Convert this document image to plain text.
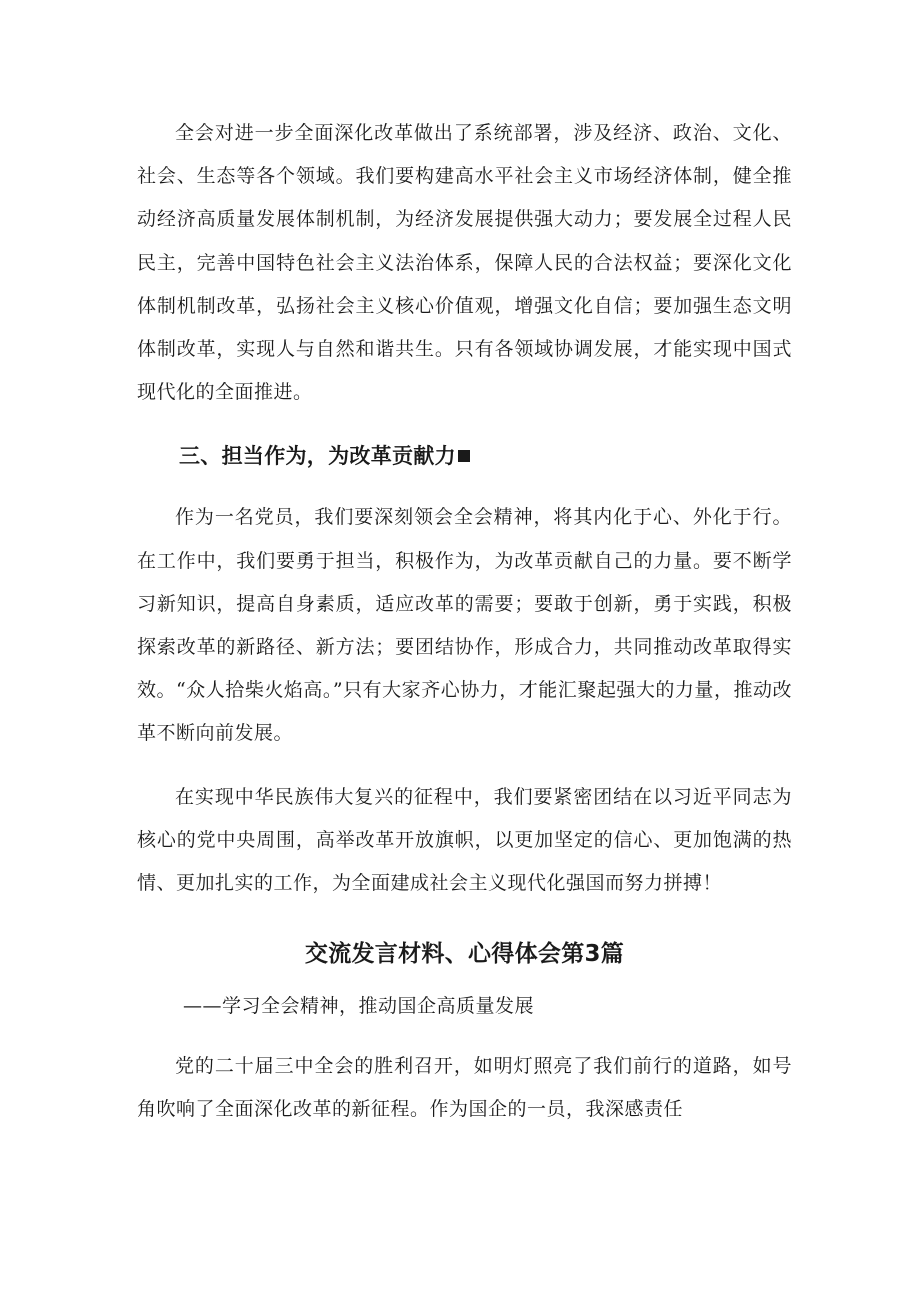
全会对进一步全面深化改革做出了系统部署，涉及经济、政治、文化、社会、生态等各个领域。我们要构建高水平社会主义市场经济体制，健全推动经济高质量发展体制机制，为经济发展提供强大动力；要发展全过程人民民主，完善中国特色社会主义法治体系，保障人民的合法权益；要深化文化体制机制改革，弘扬社会主义核心价值观，增强文化自信；要加强生态文明体制改革，实现人与自然和谐共生。只有各领域协调发展，才能实现中国式现代化的全面推进。

三、担当作为，为改革贡献力

作为一名党员，我们要深刻领会全会精神，将其内化于心、外化于行。在工作中，我们要勇于担当，积极作为，为改革贡献自己的力量。要不断学习新知识，提高自身素质，适应改革的需要；要敢于创新，勇于实践，积极探索改革的新路径、新方法；要团结协作，形成合力，共同推动改革取得实效。“众人拾柴火焰高。”只有大家齐心协力，才能汇聚起强大的力量，推动改革不断向前发展。

在实现中华民族伟大复兴的征程中，我们要紧密团结在以习近平同志为核心的党中央周围，高举改革开放旗帜，以更加坚定的信心、更加饱满的热情、更加扎实的工作，为全面建成社会主义现代化强国而努力拼搏！

交流发言材料、心得体会第3篇

——学习全会精神，推动国企高质量发展

党的二十届三中全会的胜利召开，如明灯照亮了我们前行的道路，如号角吹响了全面深化改革的新征程。作为国企的一员，我深感责任
